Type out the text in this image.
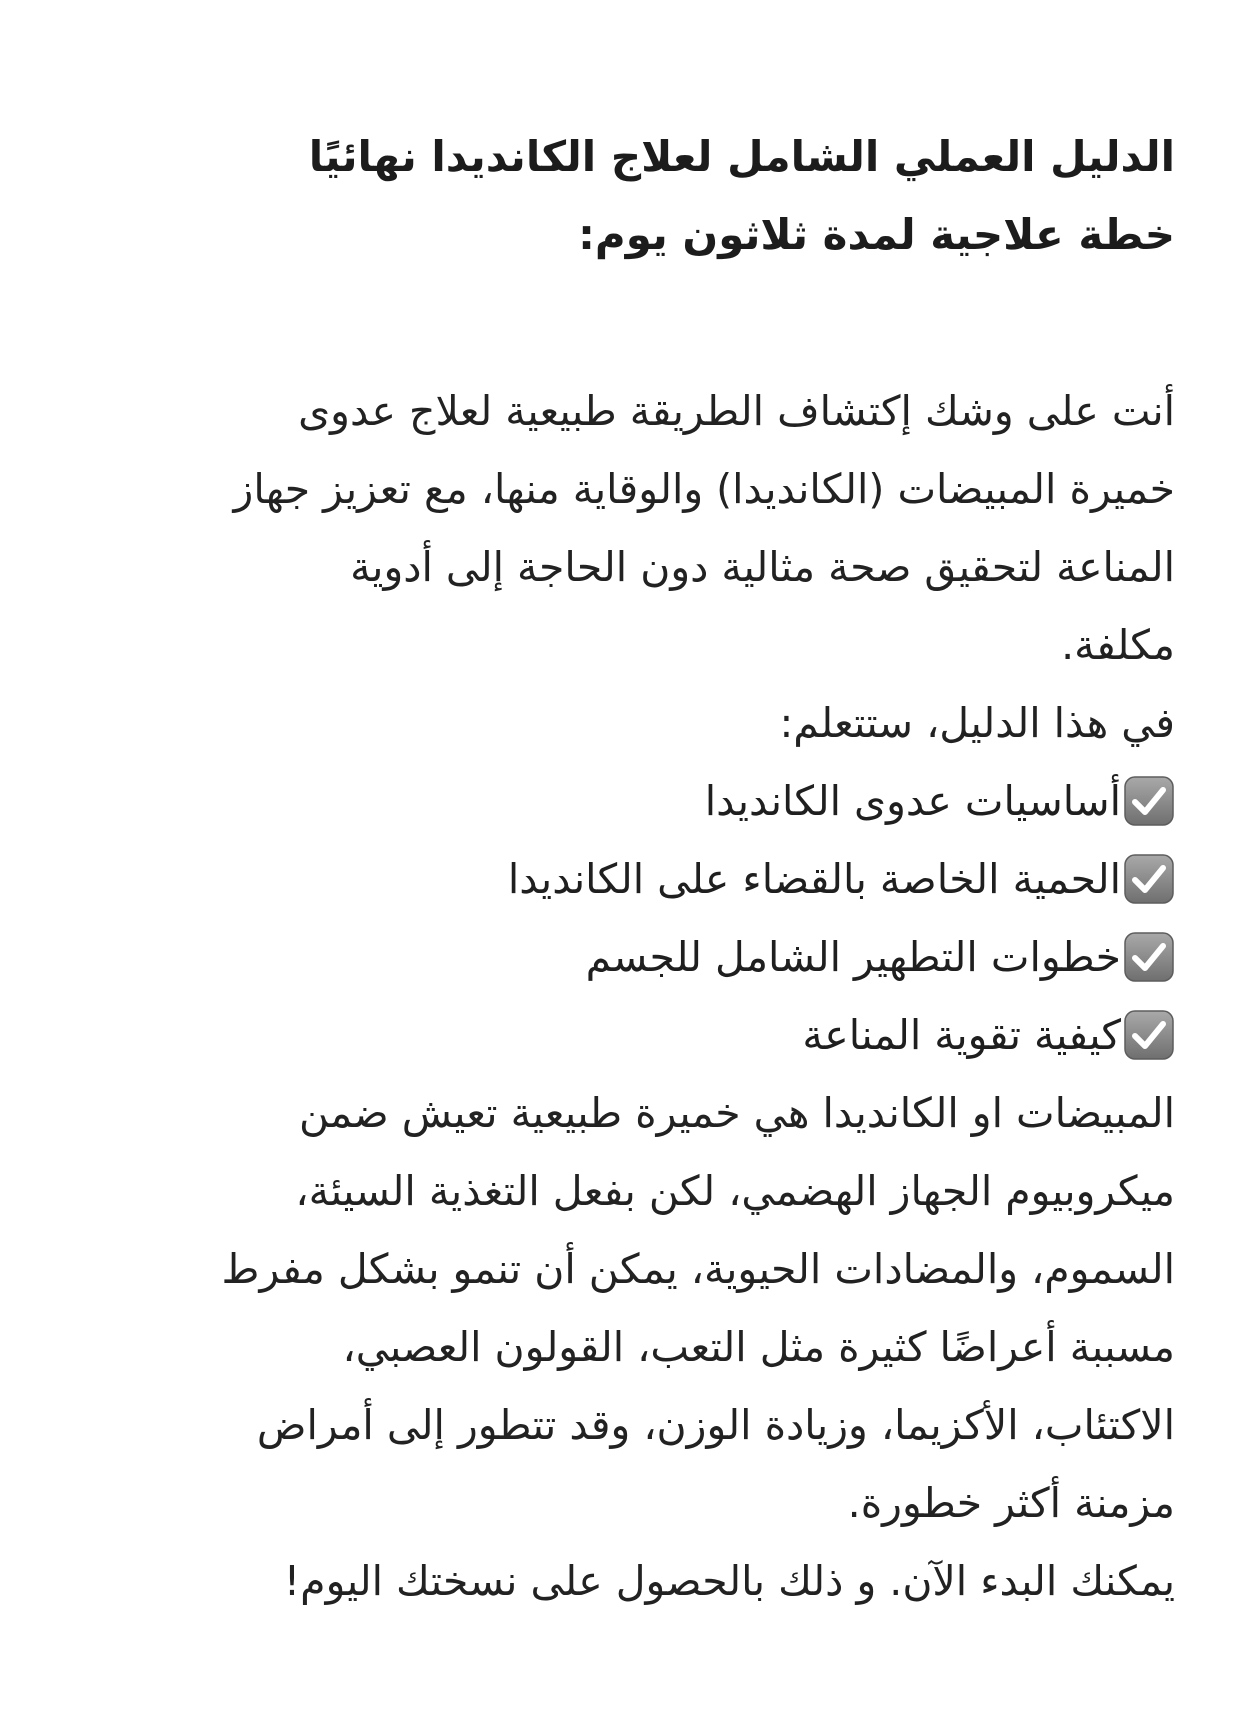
الدليل العملي الشامل لعلاج الكانديدا نهائيًا
خطة علاجية لمدة ثلاثون يوم:

أنت على وشك إكتشاف الطريقة طبيعية لعلاج عدوى
خميرة المبيضات (الكانديدا) والوقاية منها، مع تعزيز جهاز
المناعة لتحقيق صحة مثالية دون الحاجة إلى أدوية
مكلفة.
في هذا الدليل، ستتعلم:

أساسيات عدوى الكانديدا
الحمية الخاصة بالقضاء على الكانديدا
خطوات التطهير الشامل للجسم
كيفية تقوية المناعة

المبيضات او الكانديدا هي خميرة طبيعية تعيش ضمن
ميكروبيوم الجهاز الهضمي، لكن بفعل التغذية السيئة،
السموم، والمضادات الحيوية، يمكن أن تنمو بشكل مفرط
مسببة أعراضًا كثيرة مثل التعب، القولون العصبي،
الاكتئاب، الأكزيما، وزيادة الوزن، وقد تتطور إلى أمراض
مزمنة أكثر خطورة.
يمكنك البدء الآن. و ذلك بالحصول على نسختك اليوم!
